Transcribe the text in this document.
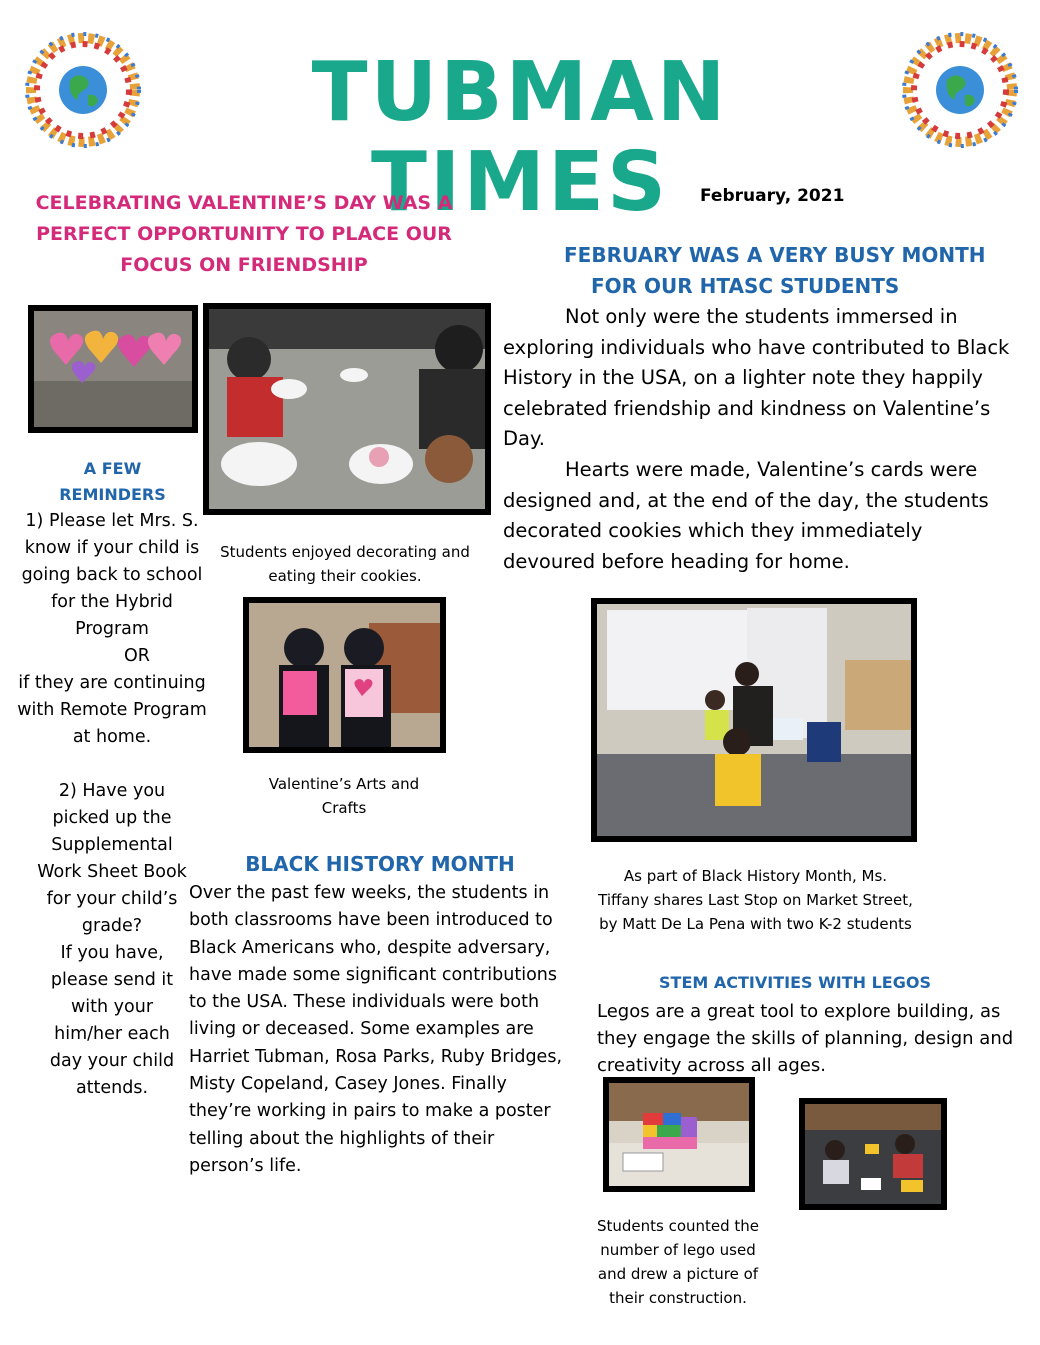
TUBMAN TIMES
CELEBRATING VALENTINE’S DAY WAS A PERFECT OPPORTUNITY TO PLACE OUR FOCUS ON FRIENDSHIP
February, 2021
FEBRUARY WAS A VERY BUSY MONTH
FOR OUR HTASC STUDENTS

Not only were the students immersed in exploring individuals who have contributed to Black History in the USA, on a lighter note they happily celebrated friendship and kindness on Valentine’s Day.

Hearts were made, Valentine’s cards were designed and, at the end of the day, the students decorated cookies which they immediately devoured before heading for home.

Students enjoyed decorating and eating their cookies.
Valentine’s Arts and Crafts
A FEW REMINDERS

1) Please let Mrs. S. know if your child is going back to school for the Hybrid Program

OR

if they are continuing with Remote Program at home.

2) Have you picked up the Supplemental Work Sheet Book for your child’s grade?

If you have, please send it with your him/her each day your child attends.

As part of Black History Month, Ms. Tiffany shares Last Stop on Market Street, by Matt De La Pena with two K-2 students
BLACK HISTORY MONTH
Over the past few weeks, the students in both classrooms have been introduced to Black Americans who, despite adversary, have made some significant contributions to the USA. These individuals were both living or deceased. Some examples are Harriet Tubman, Rosa Parks, Ruby Bridges, Misty Copeland, Casey Jones. Finally they’re working in pairs to make a poster telling about the highlights of their person’s life.
STEM ACTIVITIES WITH LEGOS
Legos are a great tool to explore building, as they engage the skills of planning, design and creativity across all ages.
Students counted the number of lego used and drew a picture of their construction.
